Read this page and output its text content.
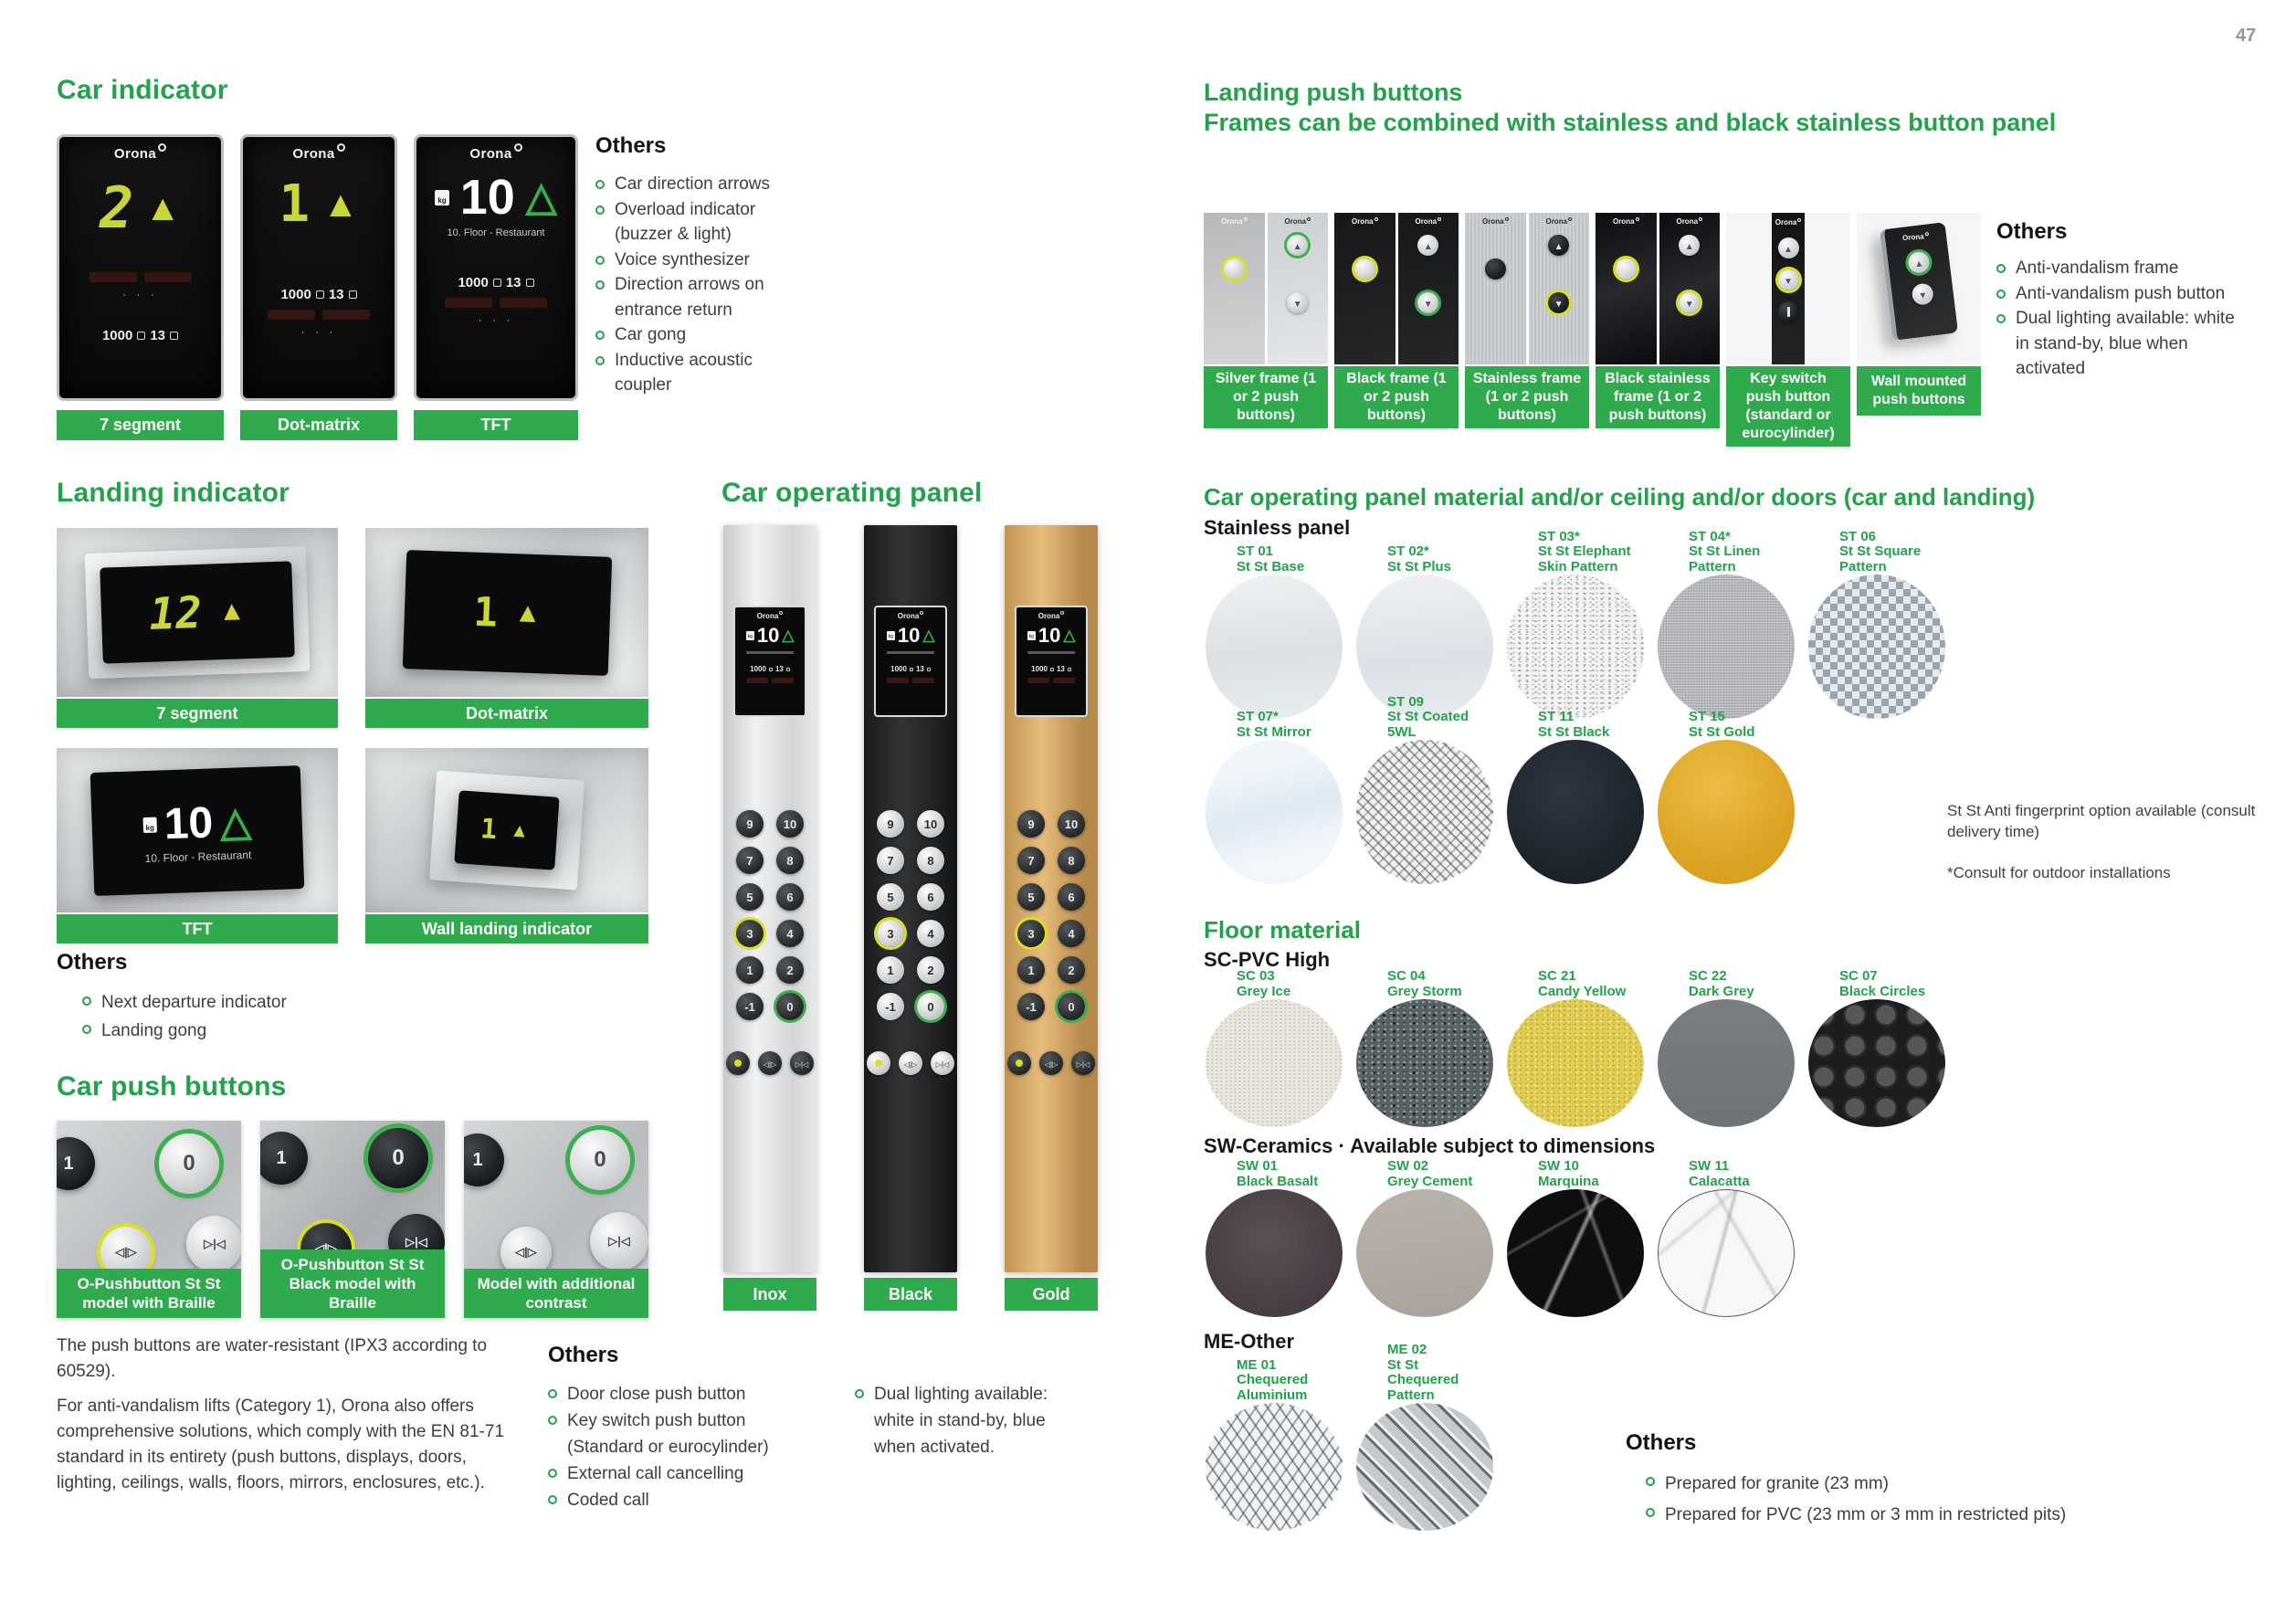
47
Car indicator
Orona
2
▲
· · ·
1000 13
7 segment
Orona
1
▲
1000 13
· · ·
Dot-matrix
Orona
kg 10
△
10. Floor - Restaurant
1000 13
· · ·
TFT
Others
Car direction arrows
Overload indicator (buzzer & light)
Voice synthesizer
Direction arrows on entrance return
Car gong
Inductive acoustic coupler
Landing indicator
12
▲
7 segment
1
▲
Dot-matrix
kg 10
△
10. Floor - Restaurant
TFT
1
▲
Wall landing indicator
Others
Next departure indicator
Landing gong
Car push buttons
1	0
◁|▷
▷|◁
O-Pushbutton St St model with Braille
1	0
◁|▷
▷|◁
O-Pushbutton St St Black model with Braille
1	0
◁|▷
▷|◁
Model with additional contrast

The push buttons are water-resistant (IPX3 according to 60529).

For anti-vandalism lifts (Category 1), Orona also offers comprehensive solutions, which comply with the EN 81-71 standard in its entirety (push buttons, displays, doors, lighting, ceilings, walls, floors, mirrors, enclosures, etc.).

Car operating panel
Orona
kg 10
△
1000 13
9	10
7	8
5	6
3	4
1	2
-1	0
◁|▷
▷|◁
Inox
Orona
kg 10
△
1000 13
9	10
7	8
5	6
3	4
1	2
-1	0
◁|▷
▷|◁
Black
Orona
kg 10
△
1000 13
9	10
7	8
5	6
3	4
1	2
-1	0
◁|▷
▷|◁
Gold
Others
Door close push button
Key switch push button (Standard or eurocylinder)
External call cancelling
Coded call
Dual lighting available: white in stand-by, blue when activated.
Landing push buttons
Frames can be combined with stainless and black stainless button panel
Orona	Orona
▲
▼
Silver frame (1 or 2 push buttons)
Orona	Orona
▲
▼
Black frame (1 or 2 push buttons)
Orona	Orona
▲
▼
Stainless frame (1 or 2 push buttons)
Orona	Orona
▲
▼
Black stainless frame (1 or 2 push buttons)
Orona
▲
▼
Key switch push button (standard or eurocylinder)
Orona
▲
▼
Wall mounted push buttons
Others
Anti-vandalism frame
Anti-vandalism push button
Dual lighting available: white in stand-by, blue when activated
Car operating panel material and/or ceiling and/or doors (car and landing)
Stainless panel
ST 01
St St Base
ST 02*
St St Plus
ST 03*
St St Elephant Skin Pattern
ST 04*
St St Linen Pattern
ST 06
St St Square Pattern
ST 07*
St St Mirror
ST 09
St St Coated 5WL
ST 11
St St Black
ST 15
St St Gold
St St Anti fingerprint option available (consult delivery time)
*Consult for outdoor installations
Floor material
SC-PVC High
SC 03
Grey Ice
SC 04
Grey Storm
SC 21
Candy Yellow
SC 22
Dark Grey
SC 07
Black Circles
SW-Ceramics · Available subject to dimensions
SW 01
Black Basalt
SW 02
Grey Cement
SW 10
Marquina
SW 11
Calacatta
ME-Other
ME 01
Chequered Aluminium
ME 02
St St Chequered Pattern
Others
Prepared for granite (23 mm)
Prepared for PVC (23 mm or 3 mm in restricted pits)
